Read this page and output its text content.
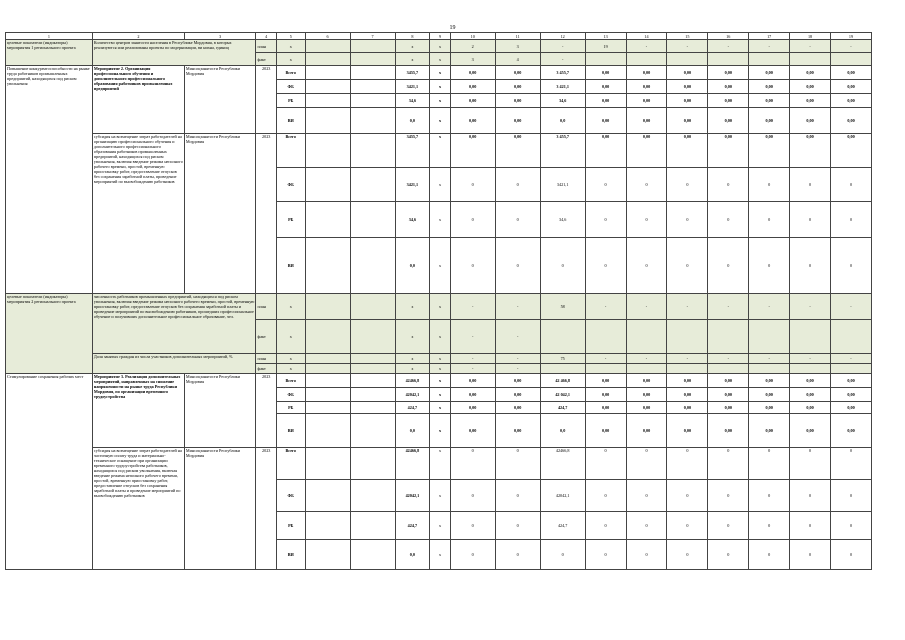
19
1	2	3	4	5	6	7	8	9	10	11	12	13	14	15	16	17	18	19
целевые показатели (индикаторы) мероприятия 1 регионального проекта	Количество центров занятости населения в Республике Мордовия, в которых реализуются или реализованы проекты по модернизации, ви нихна, единиц		план	х			х	х	2	3	-	19	-	-	-	-	-	-
			факт	х			х	х	3	4	-							
Повышение конкурентоспособности на рынке труда работников промышленных предприятий, находящихся под риском увольнения	Мероприятие 2. Организация профессионального обучения и дополнительного профессионального образования работников промышленных предприятий	Минсоцзанятости Республики Мордовия	2023	Всего			3455,7	х	0,00	0,00	3 455,7	0,00	0,00	0,00	0,00	0,00	0,00	0,00
				ФБ			3421,1	х	0,00	0,00	3 421,1	0,00	0,00	0,00	0,00	0,00	0,00	0,00
				РБ			34,6	х	0,00	0,00	34,6	0,00	0,00	0,00	0,00	0,00	0,00	0,00
				ВИ			0,0	х	0,00	0,00	0,0	0,00	0,00	0,00	0,00	0,00	0,00	0,00
	субсидия на возмещение затрат работодателей на организацию профессионального обучения и дополнительного профессионального образования работников промышленных предприятий, находящихся под риском увольнения, включая введение режима неполного рабочего времени, простой, временную приостановку работ, предоставление отпусков без сохранения заработной платы, проведение мероприятий по высвобождению работников	Минсоцзанятости Республики Мордовия	2023	Всего			3455,7	х	0,00	0,00	3 455,7	0,00	0,00	0,00	0,00	0,00	0,00	0,00
				ФБ			3421,1	х	0	0	3421,1	0	0	0	0	0	0	0
				РБ			34,6	х	0	0	34,6	0	0	0	0	0	0	0
				ВИ			0,0	х	0	0	0	0	0	0	0	0	0	0
целевые показатели (индикаторы) мероприятия 2 регионального проекта	численность работников промышленных предприятий, находящихся под риском увольнения, включая введение режима неполного рабочего времени, простой, временную приостановку работ, предоставление отпусков без сохранения заработной платы и проведение мероприятий по высвобождению работников, прошедших профессиональное обучение и получивших дополнительное профессиональное образование, чел.		план	х			х	х	-	-	58	-	-	-	-	-	-	-
			факт	х			х	х	-	-								
	Доля занятых граждан из числа участников дополнительных мероприятий, %		план	х			х	х	-	-	75	-	-	-	-	-	-	-
			факт	х			х	х	-	-								
Стимулирование сохранения рабочих мест	Мероприятие 3. Реализация дополнительных мероприятий, направленных на снижение напряженности на рынке труда Республики Мордовия, по организации временного трудоустройства	Минсоцзанятости Республики Мордовия	2023	Всего			42466,8	х	0,00	0,00	42 466,8	0,00	0,00	0,00	0,00	0,00	0,00	0,00
				ФБ			42042,1	х	0,00	0,00	42 042,1	0,00	0,00	0,00	0,00	0,00	0,00	0,00
				РБ			424,7	х	0,00	0,00	424,7	0,00	0,00	0,00	0,00	0,00	0,00	0,00
				ВИ			0,0	х	0,00	0,00	0,0	0,00	0,00	0,00	0,00	0,00	0,00	0,00
	субсидия на возмещение затрат работодателей на частичную оплату труда и материально-техническое оснащение при организации временного трудоустройства работников, находящихся под риском увольнения, включая введение режима неполного рабочего времени, простой, временную приостановку работ, предоставление отпусков без сохранения заработной платы и проведение мероприятий по высвобождению работников	Минсоцзанятости Республики Мордовия	2023	Всего			42466,8	х	0	0	42466,8	0	0	0	0	0	0	0
				ФБ			42042,1	х	0	0	42042,1	0	0	0	0	0	0	0
				РБ			424,7	х	0	0	424,7	0	0	0	0	0	0	0
				ВИ			0,0	х	0	0	0	0	0	0	0	0	0	0
